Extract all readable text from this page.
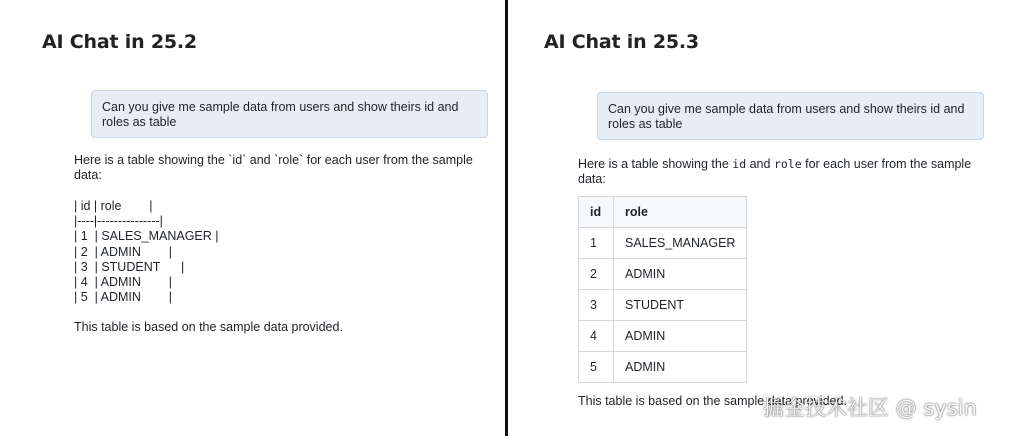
AI Chat in 25.2
Can you give me sample data from users and show theirs id and roles as table

Here is a table showing the `id` and `role` for each user from the sample data:

| id | role        |
|----|---------------|
| 1  | SALES_MANAGER |
| 2  | ADMIN        |
| 3  | STUDENT      |
| 4  | ADMIN        |
| 5  | ADMIN        |

This table is based on the sample data provided.

AI Chat in 25.3
Can you give me sample data from users and show theirs id and roles as table

Here is a table showing the id and role for each user from the sample data:

id	role
1	SALES_MANAGER
2	ADMIN
3	STUDENT
4	ADMIN
5	ADMIN

This table is based on the sample data provided.

掘金技术社区 @ sysin
